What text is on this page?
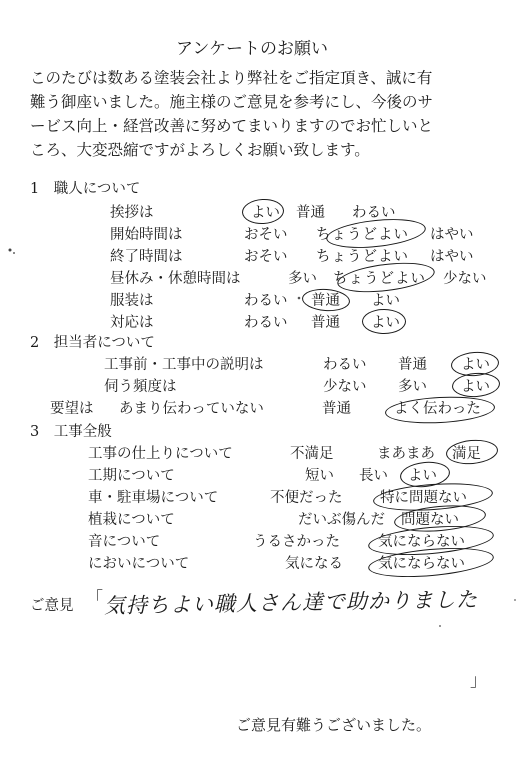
アンケートのお願い
このたびは数ある塗装会社より弊社をご指定頂き、誠に有
難う御座いました。施主様のご意見を参考にし、今後のサ
ービス向上・経営改善に努めてまいりますのでお忙しいと
ころ、大変恐縮ですがよろしくお願い致します。
1　職人について
挨拶は	よい 普通 わるい
開始時間は	おそい ちょうどよい はやい
終了時間は	おそい ちょうどよい はやい
昼休み・休憩時間は	多い ちょうどよい 少ない
服装は	わるい 普通 よい
対応は	わるい 普通 よい
2　担当者について
工事前・工事中の説明は	わるい 普通 よい
伺う頻度は	少ない 多い よい
要望は あまり伝わっていない	普通	よく伝わった
3　工事全般
工事の仕上りについて	不満足	まあまあ 満足
工期について	短い 長い よい
車・駐車場について	不便だった	特に問題ない
植栽について	だいぶ傷んだ 問題ない
音について	うるさかった	気にならない
においについて	気になる 気にならない
ご意見 「 気持ちよい職人さん達で助かりました
」
ご意見有難うございました。
